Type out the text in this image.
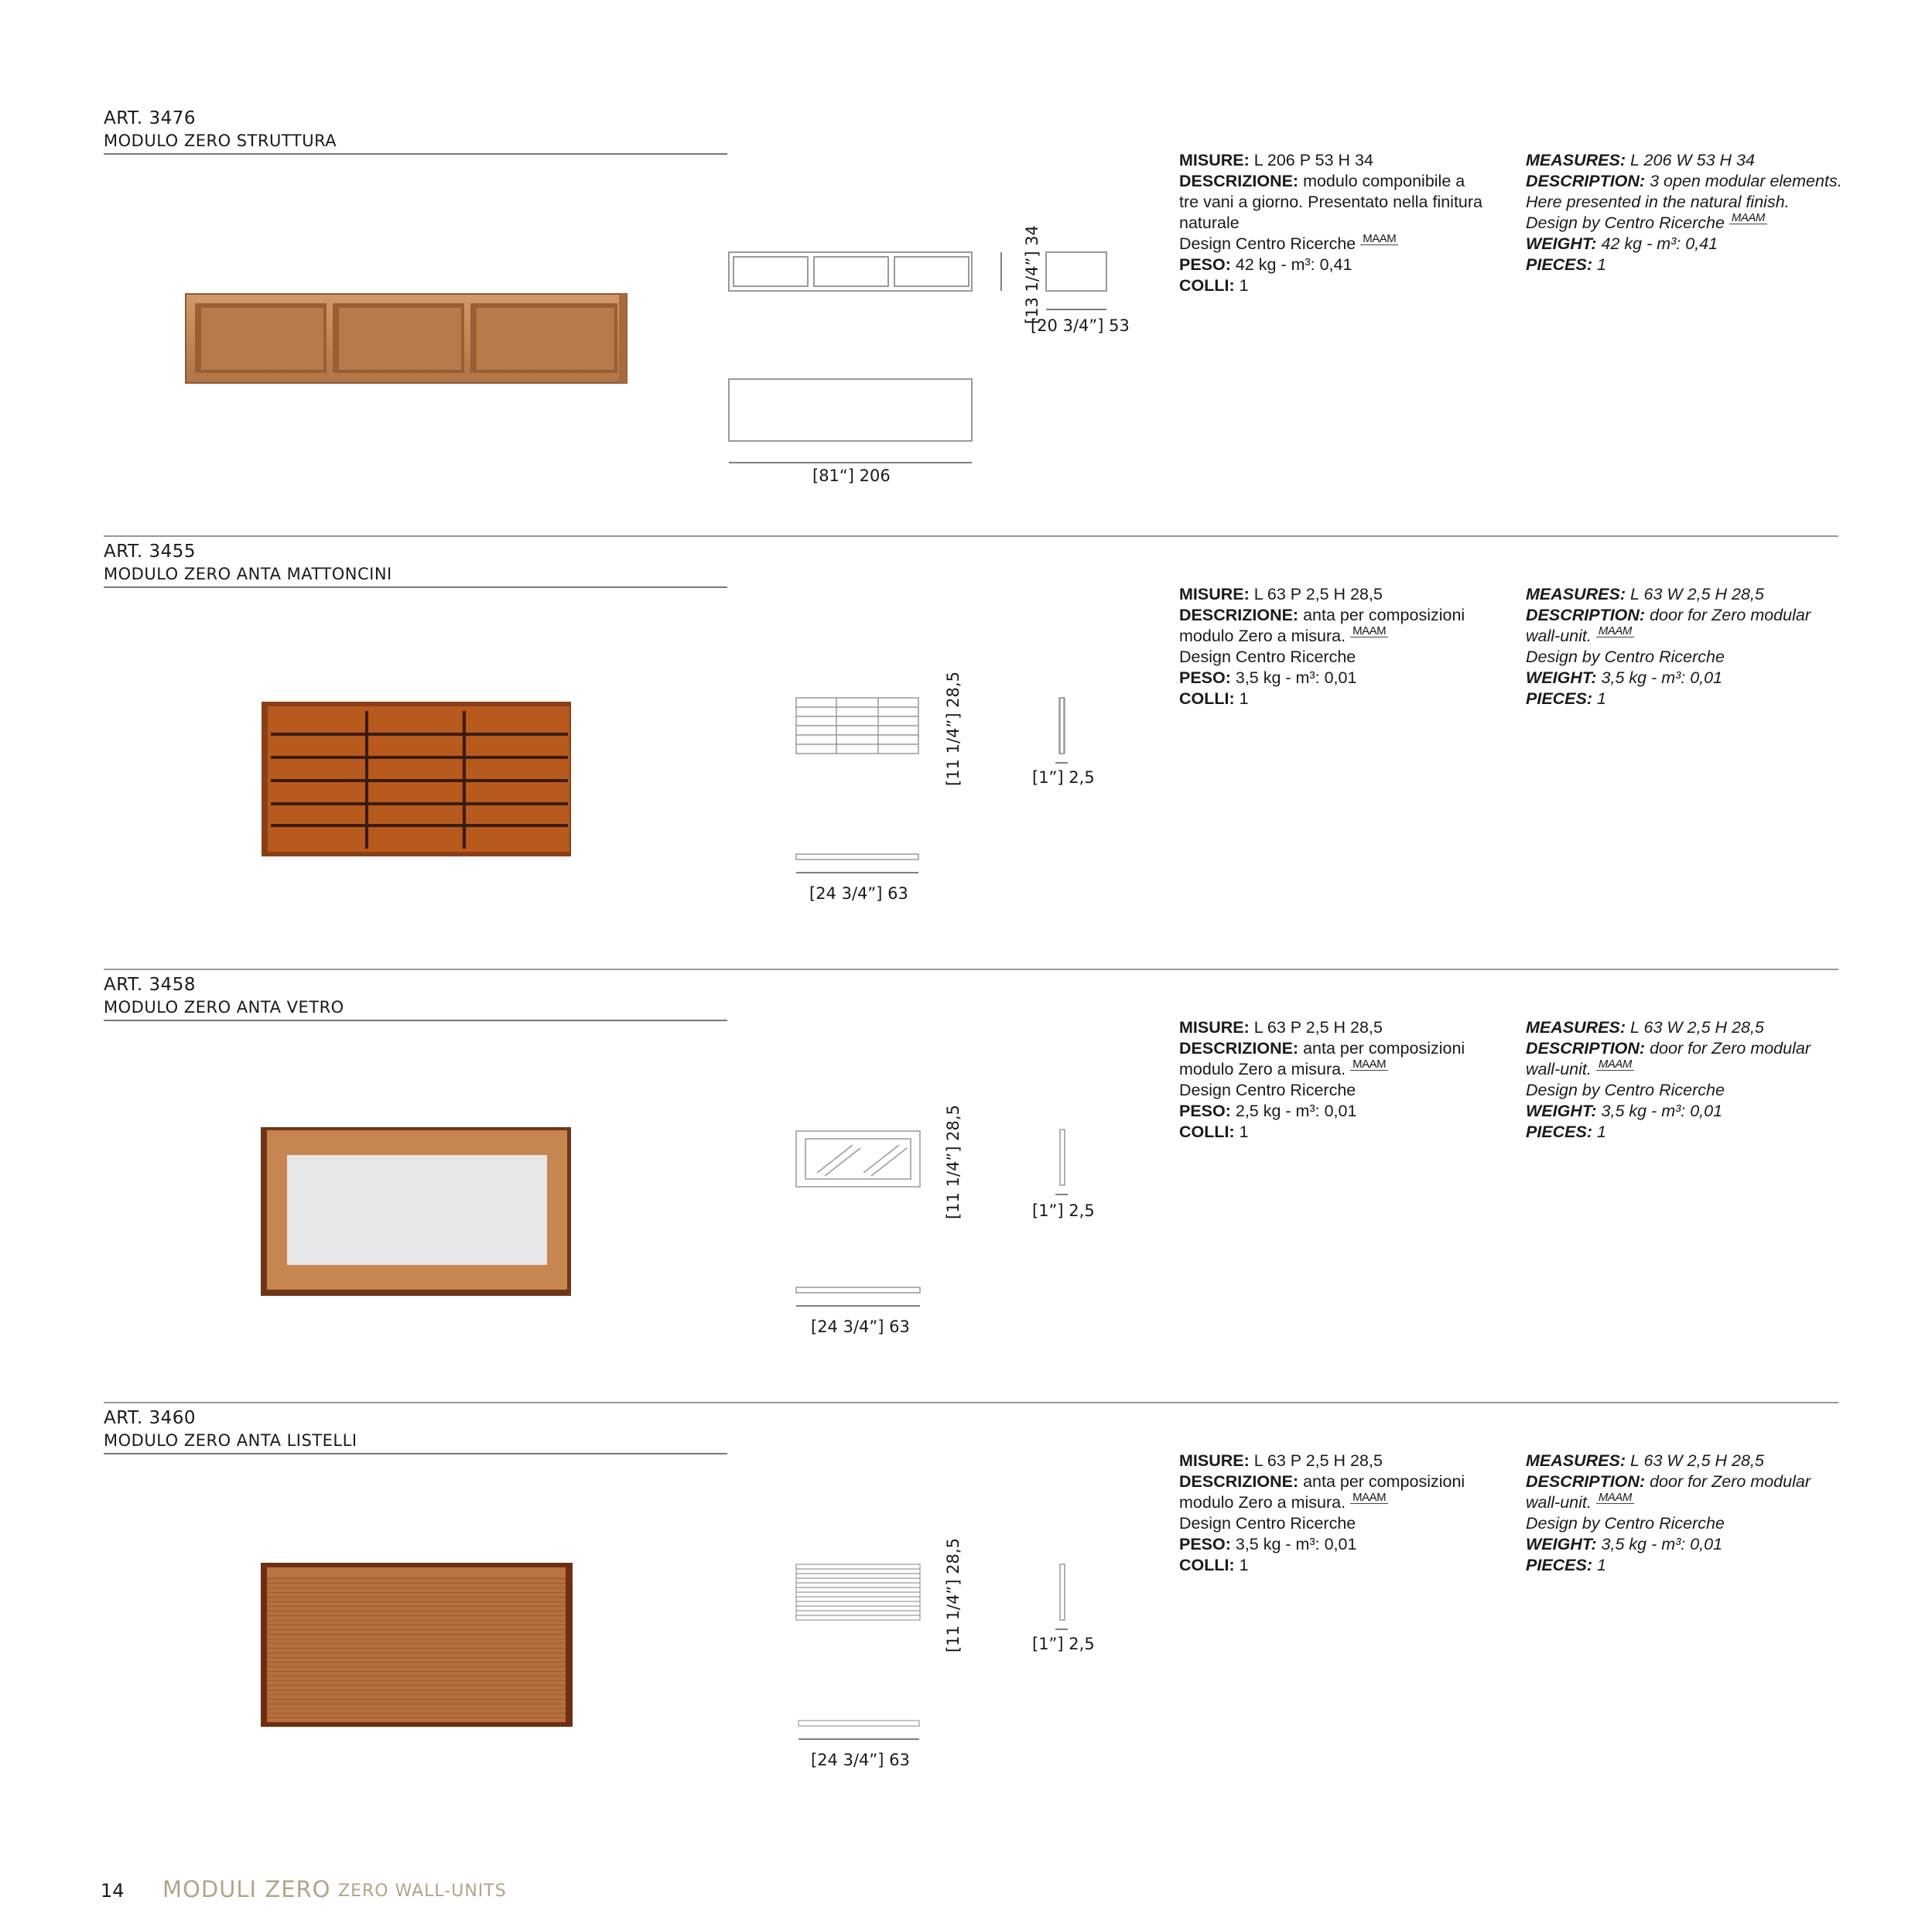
ART. 3476
MODULO ZERO STRUTTURA
[81“] 206
[13 1/4”] 34
[20 3/4”] 53
MISURE: L 206 P 53 H 34
DESCRIZIONE: modulo componibile a
tre vani a giorno. Presentato nella finitura
naturale
Design Centro Ricerche MAAM
PESO: 42 kg - m³: 0,41
COLLI: 1
MEASURES: L 206 W 53 H 34
DESCRIPTION: 3 open modular elements.
Here presented in the natural finish.
Design by Centro Ricerche MAAM
WEIGHT: 42 kg - m³: 0,41
PIECES: 1
ART. 3455
MODULO ZERO ANTA MATTONCINI
[24 3/4”] 63
[11 1/4”] 28,5	[1”] 2,5
MISURE: L 63 P 2,5 H 28,5
DESCRIZIONE: anta per composizioni
modulo Zero a misura. MAAM
Design Centro Ricerche
PESO: 3,5 kg - m³: 0,01
COLLI: 1
MEASURES: L 63 W 2,5 H 28,5
DESCRIPTION: door for Zero modular
wall-unit. MAAM
Design by Centro Ricerche
WEIGHT: 3,5 kg - m³: 0,01
PIECES: 1
ART. 3458
MODULO ZERO ANTA VETRO
[24 3/4”] 63
[11 1/4”] 28,5	[1”] 2,5
MISURE: L 63 P 2,5 H 28,5
DESCRIZIONE: anta per composizioni
modulo Zero a misura. MAAM
Design Centro Ricerche
PESO: 2,5 kg - m³: 0,01
COLLI: 1
MEASURES: L 63 W 2,5 H 28,5
DESCRIPTION: door for Zero modular
wall-unit. MAAM
Design by Centro Ricerche
WEIGHT: 3,5 kg - m³: 0,01
PIECES: 1
ART. 3460
MODULO ZERO ANTA LISTELLI
[24 3/4”] 63
[11 1/4”] 28,5	[1”] 2,5
MISURE: L 63 P 2,5 H 28,5
DESCRIZIONE: anta per composizioni
modulo Zero a misura. MAAM
Design Centro Ricerche
PESO: 3,5 kg - m³: 0,01
COLLI: 1
MEASURES: L 63 W 2,5 H 28,5
DESCRIPTION: door for Zero modular
wall-unit. MAAM
Design by Centro Ricerche
WEIGHT: 3,5 kg - m³: 0,01
PIECES: 1
14 MODULI ZERO ZERO WALL-UNITS
